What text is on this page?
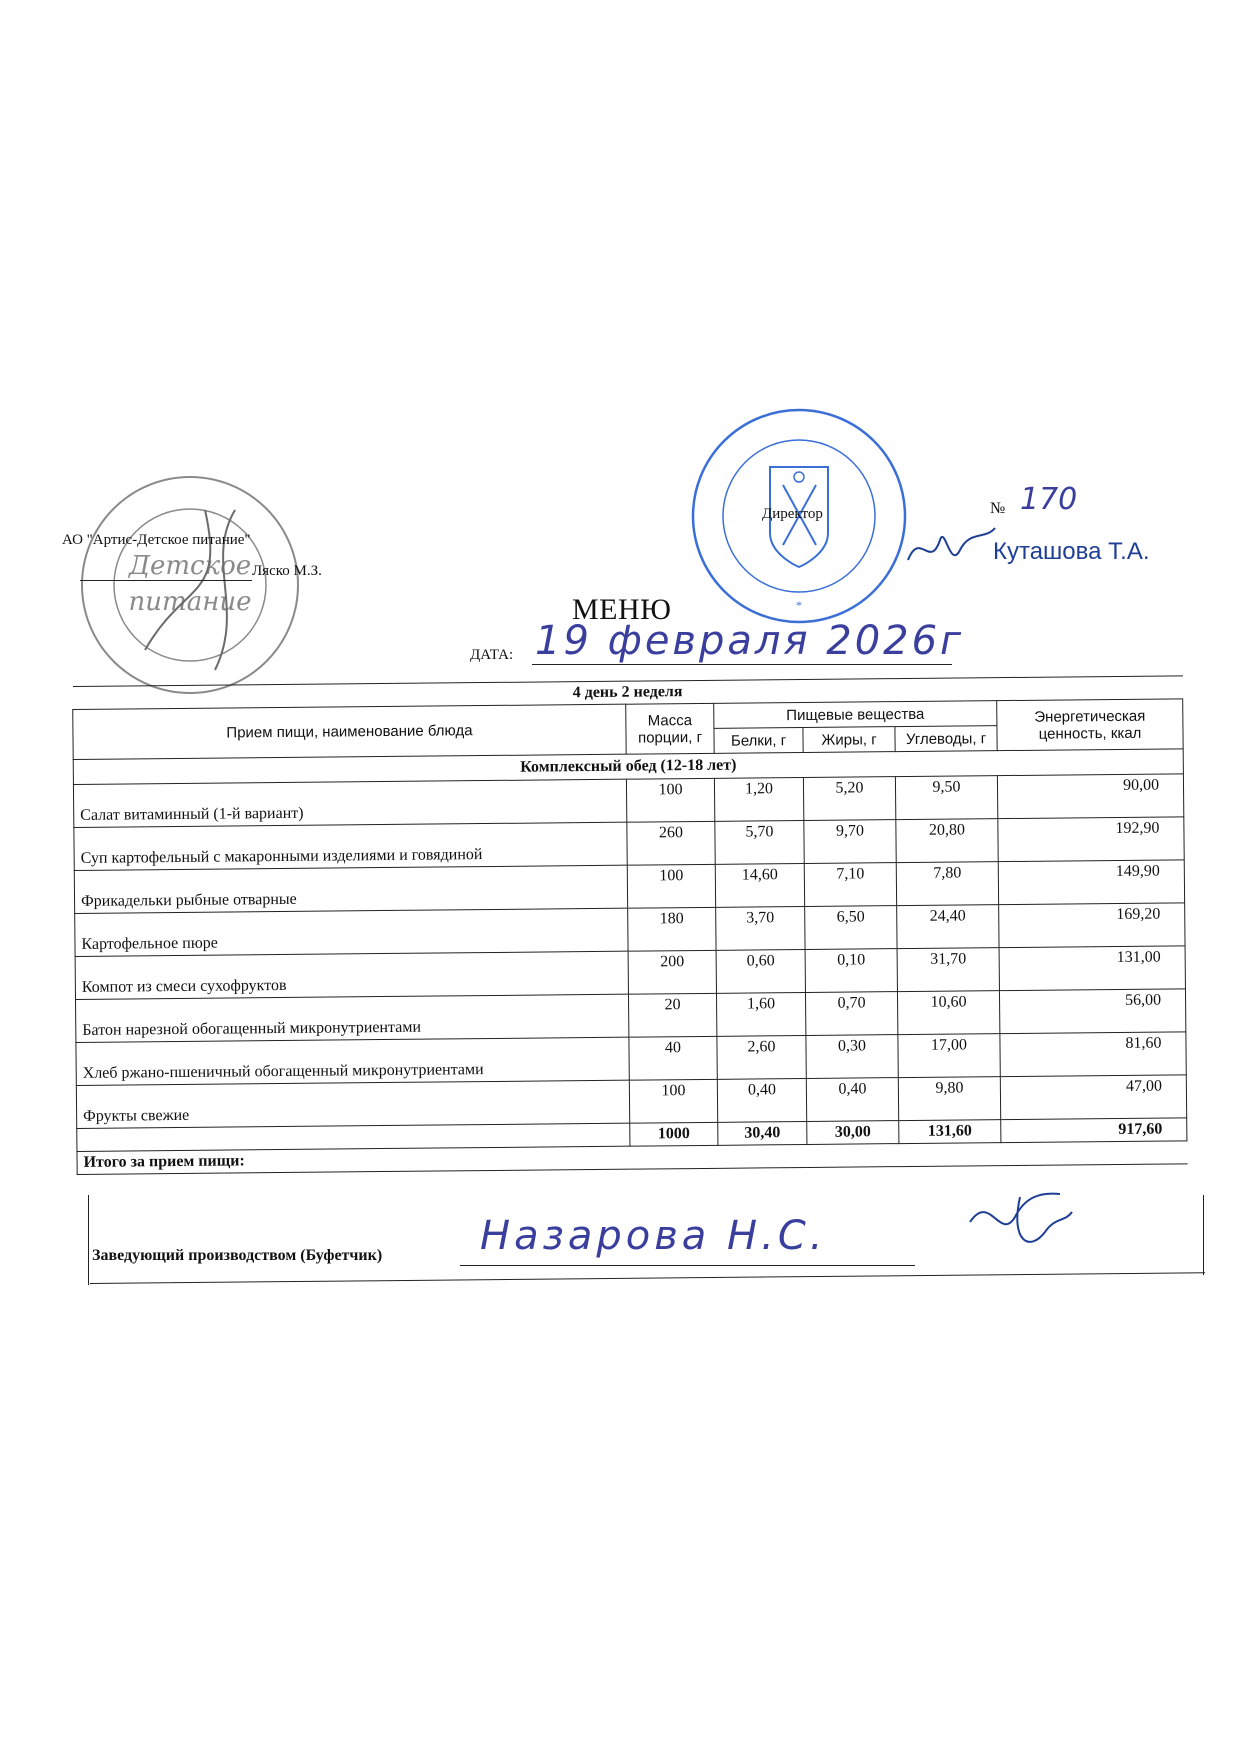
Детское
питание
АО "Артис-Детское питание"
Ляско М.З.
*
Директор	№ 170
Куташова Т.А.
МЕНЮ
ДАТА: 19 февраля 2026г
4 день 2 неделя					
Прием пищи, наименование блюда	Масса порции, г	Пищевые вещества			Энергетическая ценность, ккал
		Белки, г	Жиры, г	Углеводы, г	
Комплексный обед (12-18 лет)					
Салат витаминный (1-й вариант)	100	1,20	5,20	9,50	90,00
Суп картофельный с макаронными изделиями и говядиной	260	5,70	9,70	20,80	192,90
Фрикадельки рыбные отварные	100	14,60	7,10	7,80	149,90
Картофельное пюре	180	3,70	6,50	24,40	169,20
Компот из смеси сухофруктов	200	0,60	0,10	31,70	131,00
Батон нарезной обогащенный микронутриентами	20	1,60	0,70	10,60	56,00
Хлеб ржано-пшеничный обогащенный микронутриентами	40	2,60	0,30	17,00	81,60
Фрукты свежие	100	0,40	0,40	9,80	47,00
	1000	30,40	30,00	131,60	917,60
Итого за прием пищи:					
Заведующий производством (Буфетчик) Назарова Н.С.
